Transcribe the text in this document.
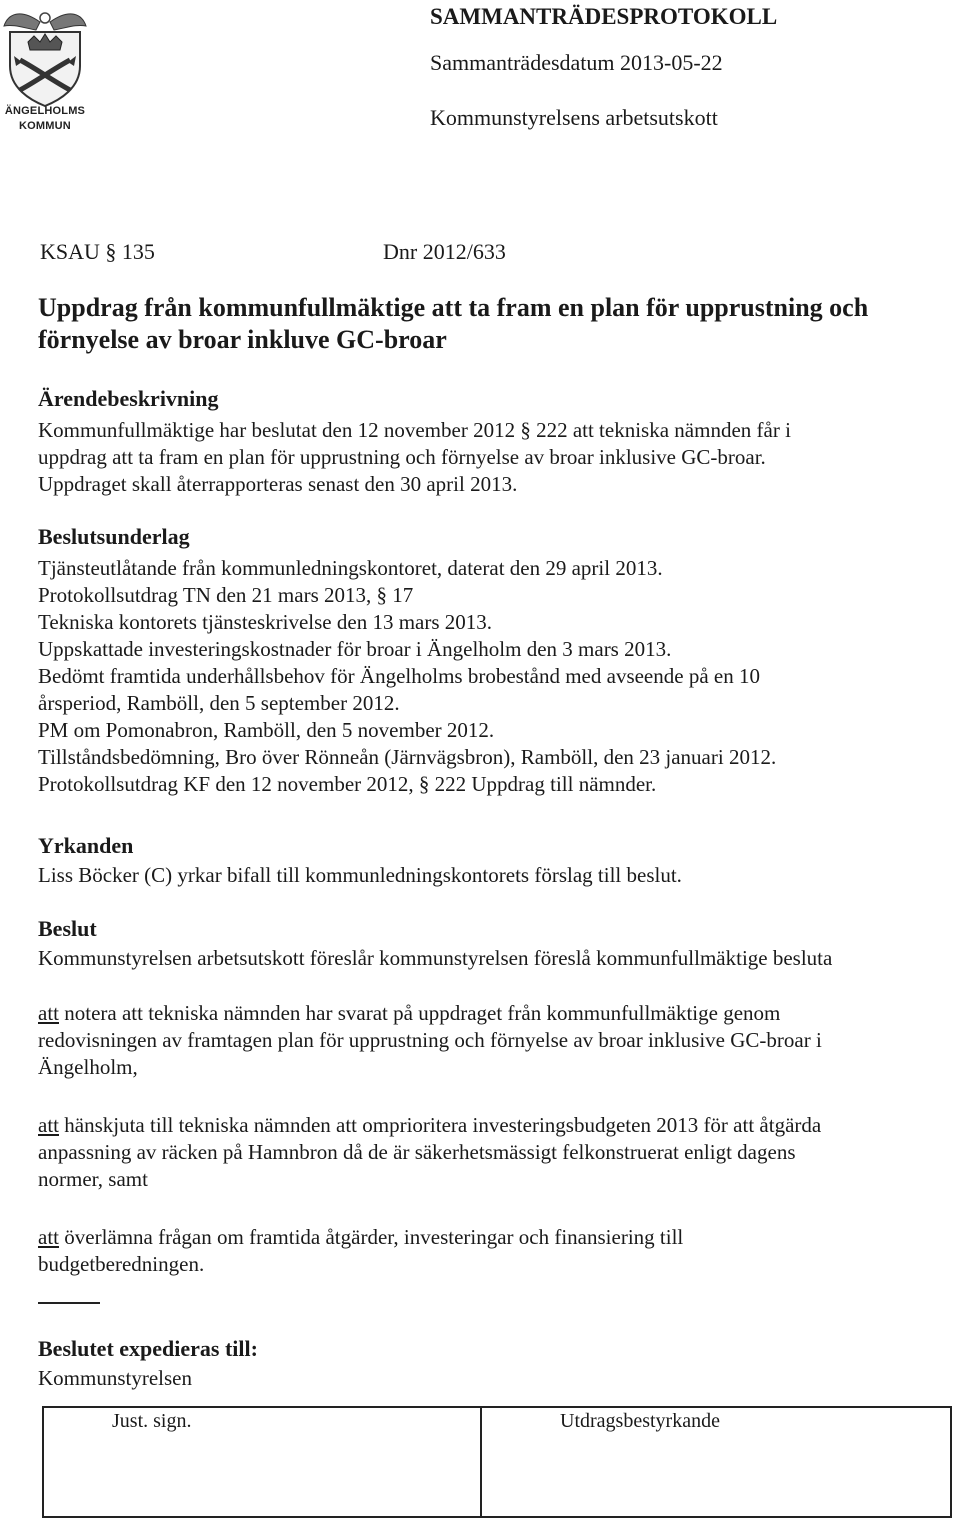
ÄNGELHOLMS
KOMMUN
SAMMANTRÄDESPROTOKOLL
Sammanträdesdatum 2013-05-22
Kommunstyrelsens arbetsutskott
KSAU § 135	Dnr 2012/633
Uppdrag från kommunfullmäktige att ta fram en plan för upprustning och
förnyelse av broar inkluve GC-broar
Ärendebeskrivning
Kommunfullmäktige har beslutat den 12 november 2012 § 222 att tekniska nämnden får i
uppdrag att ta fram en plan för upprustning och förnyelse av broar inklusive GC-broar.
Uppdraget skall återrapporteras senast den 30 april 2013.
Beslutsunderlag
Tjänsteutlåtande från kommunledningskontoret, daterat den 29 april 2013.
Protokollsutdrag TN den 21 mars 2013, § 17
Tekniska kontorets tjänsteskrivelse den 13 mars 2013.
Uppskattade investeringskostnader för broar i Ängelholm den 3 mars 2013.
Bedömt framtida underhållsbehov för Ängelholms brobestånd med avseende på en 10
årsperiod, Ramböll, den 5 september 2012.
PM om Pomonabron, Ramböll, den 5 november 2012.
Tillståndsbedömning, Bro över Rönneån (Järnvägsbron), Ramböll, den 23 januari 2012.
Protokollsutdrag KF den 12 november 2012, § 222 Uppdrag till nämnder.
Yrkanden
Liss Böcker (C) yrkar bifall till kommunledningskontorets förslag till beslut.
Beslut
Kommunstyrelsen arbetsutskott föreslår kommunstyrelsen föreslå kommunfullmäktige besluta
att notera att tekniska nämnden har svarat på uppdraget från kommunfullmäktige genom
redovisningen av framtagen plan för upprustning och förnyelse av broar inklusive GC-broar i
Ängelholm,
att hänskjuta till tekniska nämnden att omprioritera investeringsbudgeten 2013 för att åtgärda
anpassning av räcken på Hamnbron då de är säkerhetsmässigt felkonstruerat enligt dagens
normer, samt
att överlämna frågan om framtida åtgärder, investeringar och finansiering till
budgetberedningen.
Beslutet expedieras till:
Kommunstyrelsen
Just. sign.	Utdragsbestyrkande
